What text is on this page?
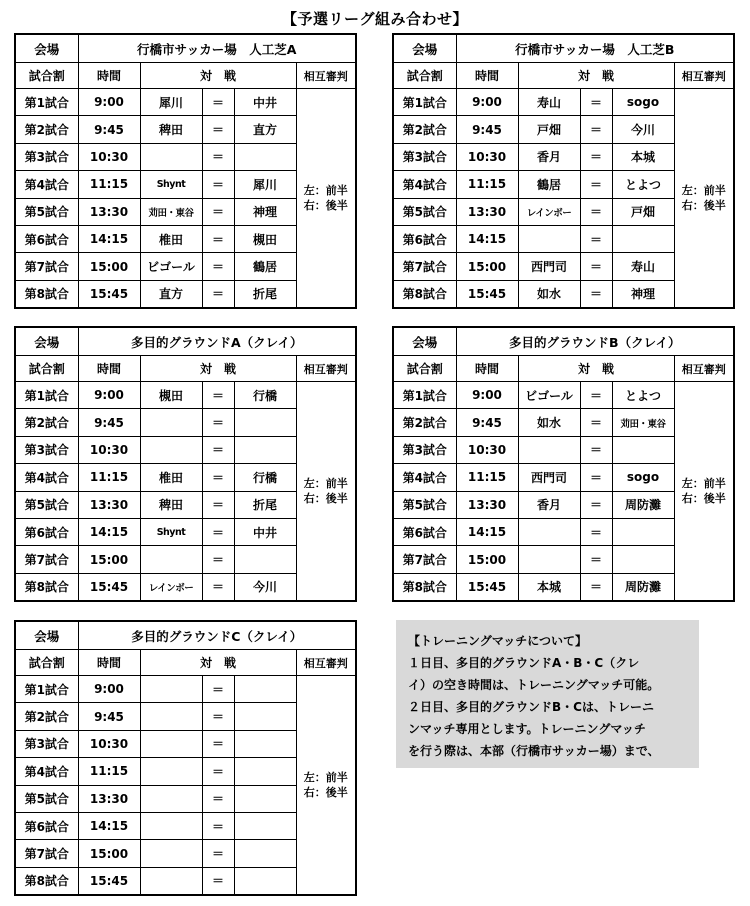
【予選リーグ組み合わせ】
会場	行橋市サッカー場　人工芝A				
試合割	時間	対　戦			相互審判
第1試合	9:00	犀川	＝	中井	左：前半
右：後半

第2試合	9:45	稗田	＝	直方	
第3試合	10:30		＝		
第4試合	11:15	Shynt	＝	犀川	
第5試合	13:30	苅田・東谷	＝	神理	
第6試合	14:15	椎田	＝	槻田	
第7試合	15:00	ビゴール	＝	鶴居	
第8試合	15:45	直方	＝	折尾	
会場	行橋市サッカー場　人工芝B				
試合割	時間	対　戦			相互審判
第1試合	9:00	寿山	＝	sogo	左：前半
右：後半

第2試合	9:45	戸畑	＝	今川	
第3試合	10:30	香月	＝	本城	
第4試合	11:15	鶴居	＝	とよつ	
第5試合	13:30	レインボー	＝	戸畑	
第6試合	14:15		＝		
第7試合	15:00	西門司	＝	寿山	
第8試合	15:45	如水	＝	神理	
会場	多目的グラウンドA（クレイ）				
試合割	時間	対　戦			相互審判
第1試合	9:00	槻田	＝	行橋	左：前半
右：後半

第2試合	9:45		＝		
第3試合	10:30		＝		
第4試合	11:15	椎田	＝	行橋	
第5試合	13:30	稗田	＝	折尾	
第6試合	14:15	Shynt	＝	中井	
第7試合	15:00		＝		
第8試合	15:45	レインボー	＝	今川	
会場	多目的グラウンドB（クレイ）				
試合割	時間	対　戦			相互審判
第1試合	9:00	ビゴール	＝	とよつ	左：前半
右：後半

第2試合	9:45	如水	＝	苅田・東谷	
第3試合	10:30		＝		
第4試合	11:15	西門司	＝	sogo	
第5試合	13:30	香月	＝	周防灘	
第6試合	14:15		＝		
第7試合	15:00		＝		
第8試合	15:45	本城	＝	周防灘	
会場	多目的グラウンドC（クレイ）				
試合割	時間	対　戦			相互審判
第1試合	9:00		＝		左：前半
右：後半

第2試合	9:45		＝		
第3試合	10:30		＝		
第4試合	11:15		＝		
第5試合	13:30		＝		
第6試合	14:15		＝		
第7試合	15:00		＝		
第8試合	15:45		＝		
【トレーニングマッチについて】
１日目、多目的グラウンドA・B・C（クレ
イ）の空き時間は、トレーニングマッチ可能。
２日目、多目的グラウンドB・Cは、トレーニ
ンマッチ専用とします。トレーニングマッチ
を行う際は、本部（行橋市サッカー場）まで、
